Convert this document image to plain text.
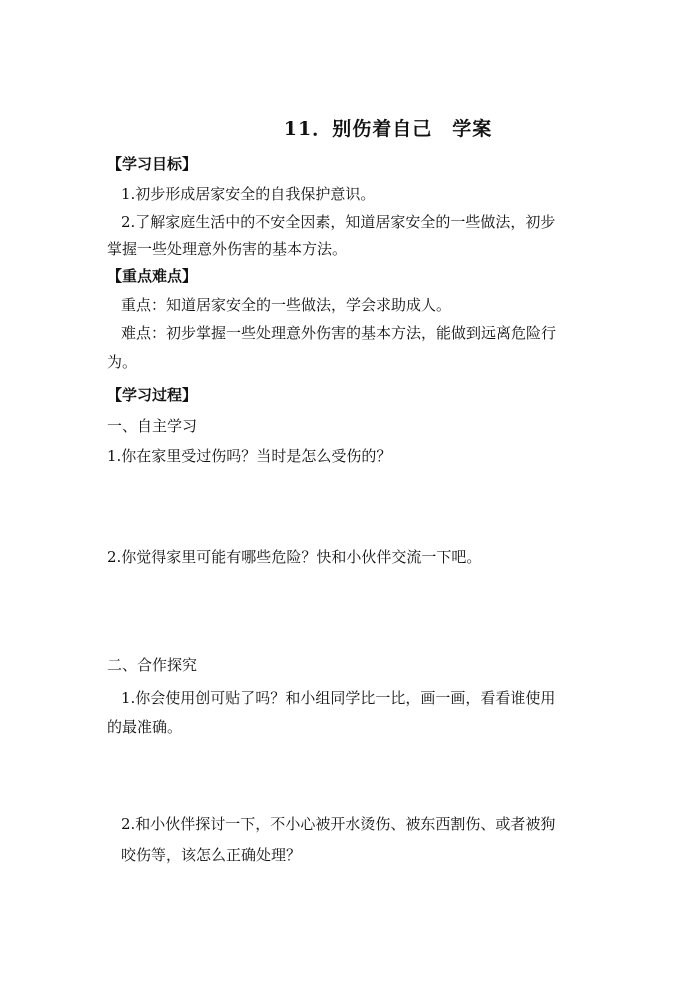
11．别伤着自己　学案
【学习目标】
1.初步形成居家安全的自我保护意识。
2.了解家庭生活中的不安全因素，知道居家安全的一些做法，初步
掌握一些处理意外伤害的基本方法。
【重点难点】
重点：知道居家安全的一些做法，学会求助成人。
难点：初步掌握一些处理意外伤害的基本方法，能做到远离危险行
为。
【学习过程】
一、自主学习
1.你在家里受过伤吗？当时是怎么受伤的？
2.你觉得家里可能有哪些危险？快和小伙伴交流一下吧。
二、合作探究
1.你会使用创可贴了吗？和小组同学比一比，画一画，看看谁使用
的最准确。
2.和小伙伴探讨一下，不小心被开水烫伤、被东西割伤、或者被狗
咬伤等，该怎么正确处理？
